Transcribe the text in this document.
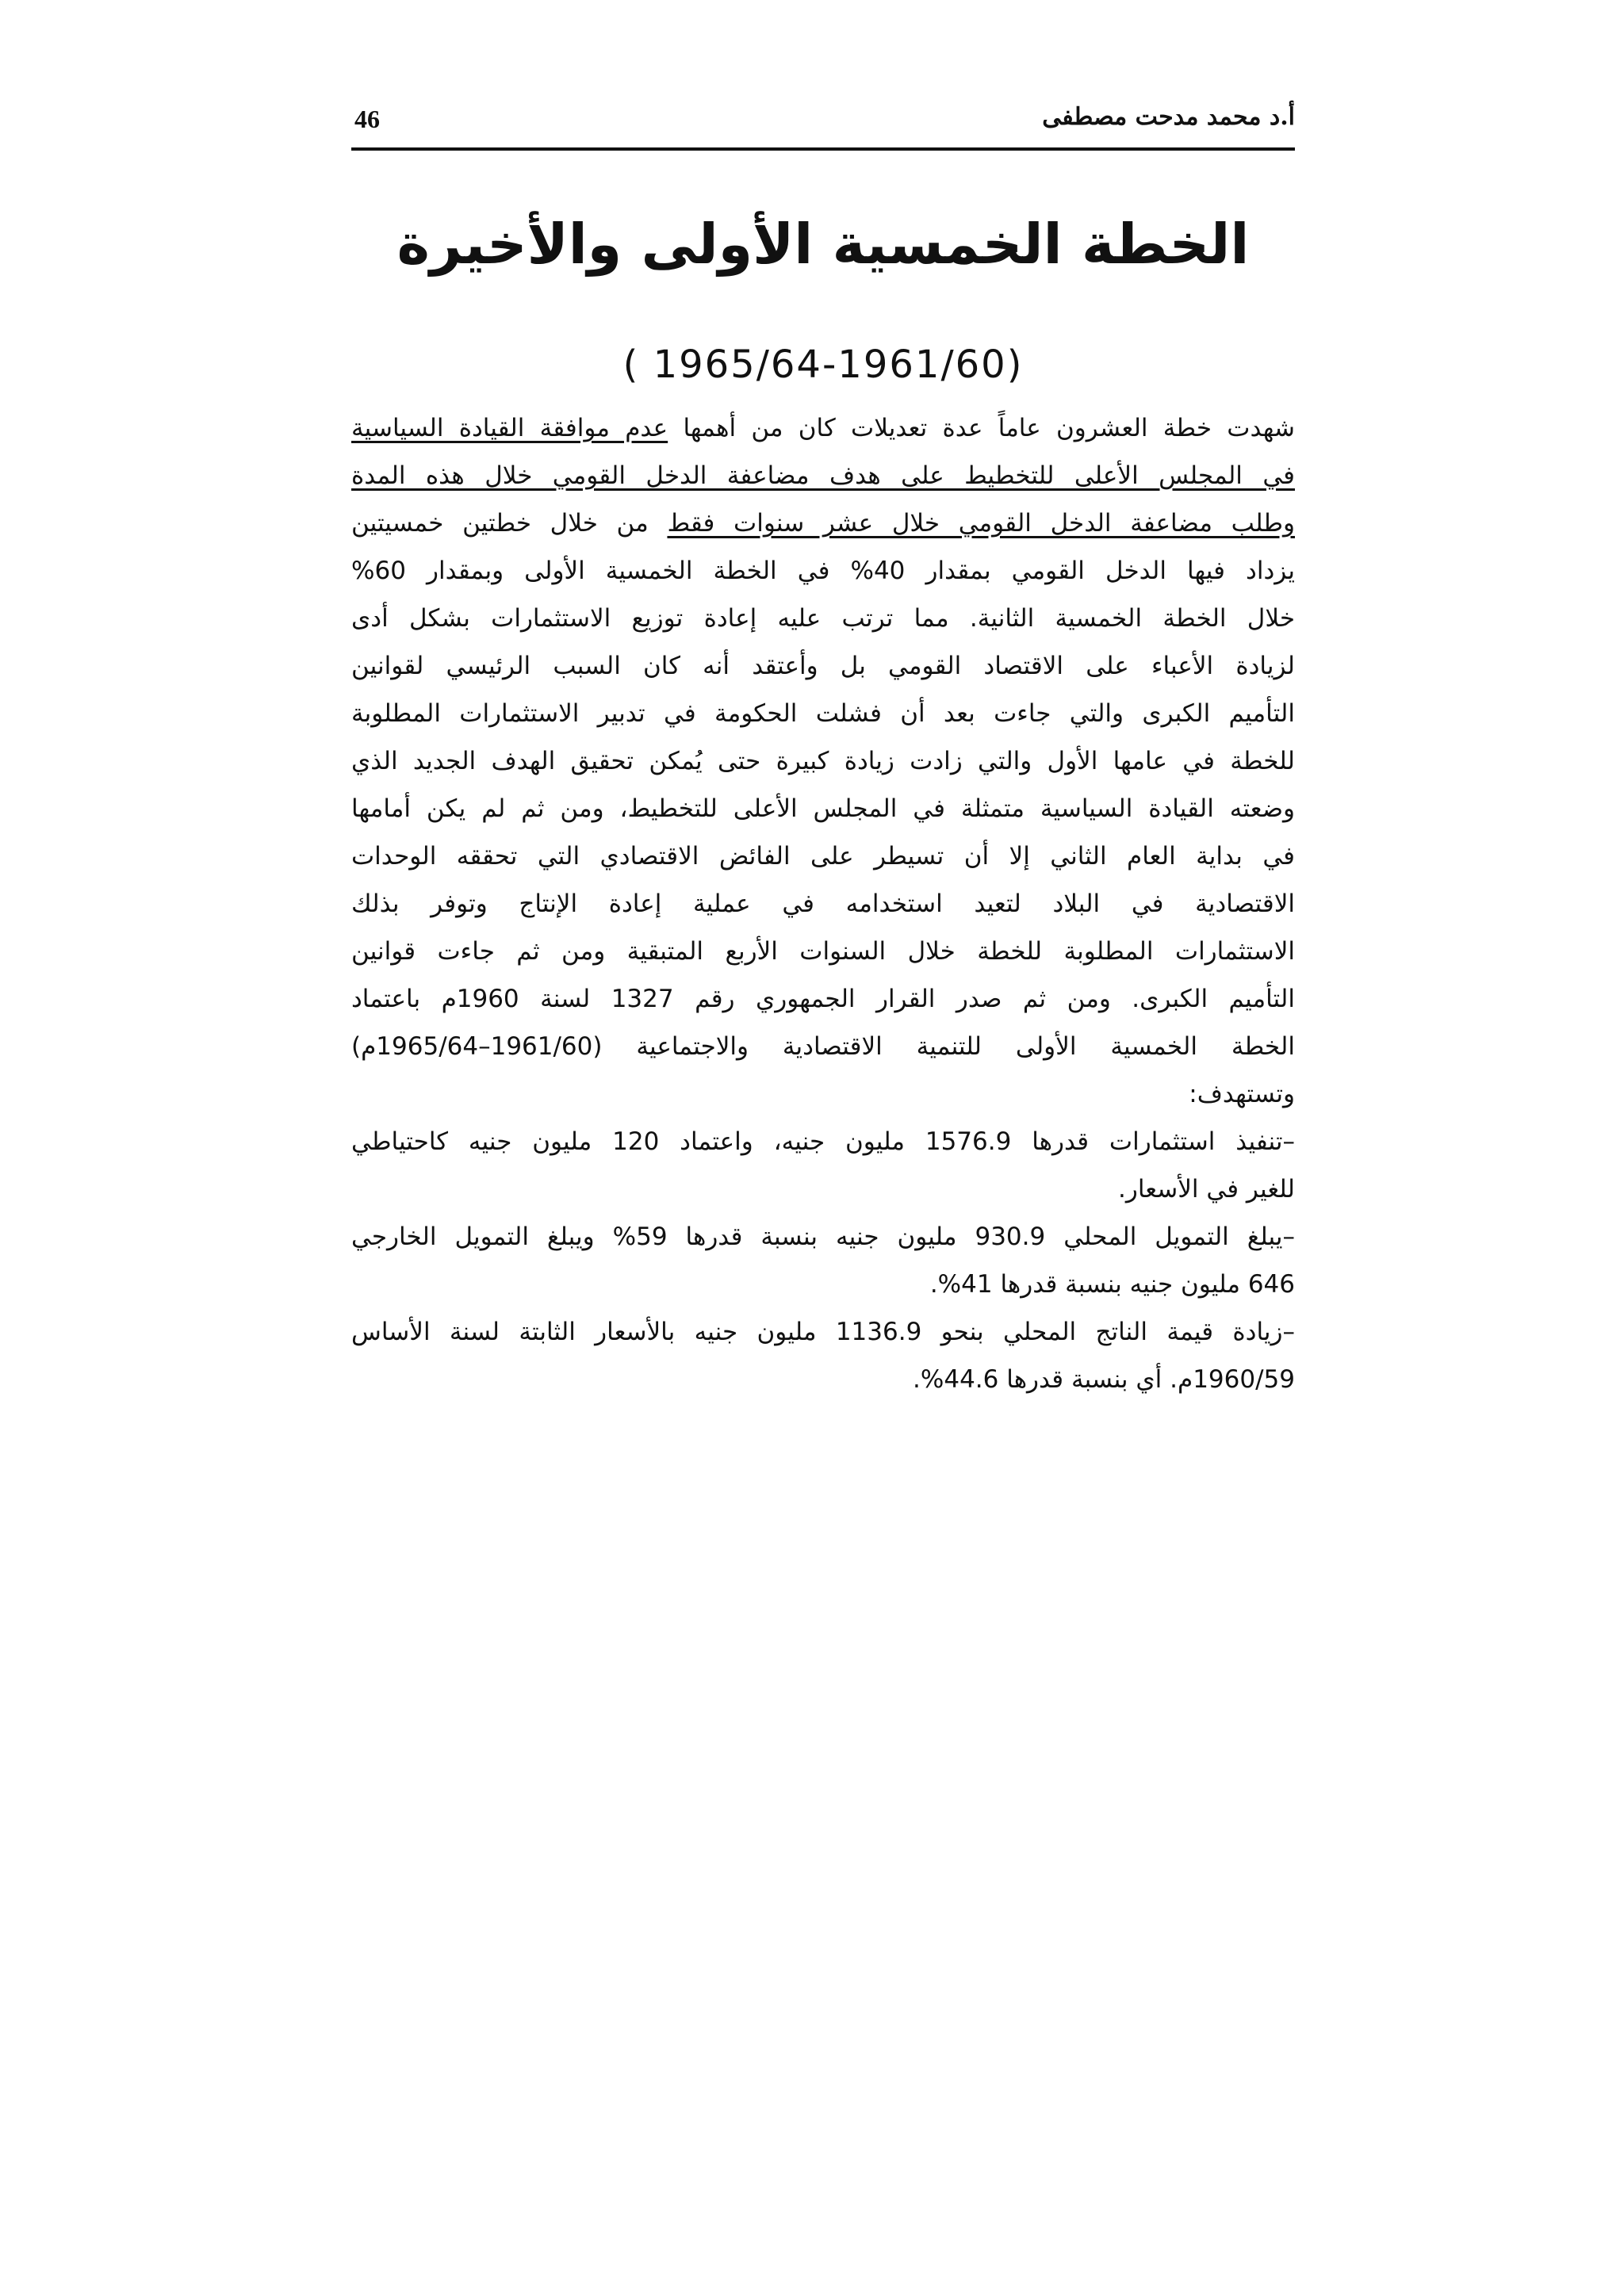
أ.د محمد مدحت مصطفى
46
الخطة الخمسية الأولى والأخيرة
( 1965/64-1961/60)
شهدت خطة العشرون عاماً عدة تعديلات كان من أهمها عدم موافقة القيادة السياسية
في المجلس الأعلى للتخطيط على هدف مضاعفة الدخل القومي خلال هذه المدة
وطلب مضاعفة الدخل القومي خلال عشر سنوات فقط من خلال خطتين خمسيتين
يزداد فيها الدخل القومي بمقدار 40% في الخطة الخمسية الأولى وبمقدار 60%
خلال الخطة الخمسية الثانية. مما ترتب عليه إعادة توزيع الاستثمارات بشكل أدى
لزيادة الأعباء على الاقتصاد القومي بل وأعتقد أنه كان السبب الرئيسي لقوانين
التأميم الكبرى والتي جاءت بعد أن فشلت الحكومة في تدبير الاستثمارات المطلوبة
للخطة في عامها الأول والتي زادت زيادة كبيرة حتى يُمكن تحقيق الهدف الجديد الذي
وضعته القيادة السياسية متمثلة في المجلس الأعلى للتخطيط، ومن ثم لم يكن أمامها
في بداية العام الثاني إلا أن تسيطر على الفائض الاقتصادي التي تحققه الوحدات
الاقتصادية في البلاد لتعيد استخدامه في عملية إعادة الإنتاج وتوفر بذلك
الاستثمارات المطلوبة للخطة خلال السنوات الأربع المتبقية ومن ثم جاءت قوانين
التأميم الكبرى. ومن ثم صدر القرار الجمهوري رقم 1327 لسنة 1960م باعتماد
الخطة الخمسية الأولى للتنمية الاقتصادية والاجتماعية (1961/60–1965/64م)
وتستهدف:
–تنفيذ استثمارات قدرها 1576.9 مليون جنيه، واعتماد 120 مليون جنيه كاحتياطي
للغير في الأسعار.
–يبلغ التمويل المحلي 930.9 مليون جنيه بنسبة قدرها 59% ويبلغ التمويل الخارجي
646 مليون جنيه بنسبة قدرها 41%.
–زيادة قيمة الناتج المحلي بنحو 1136.9 مليون جنيه بالأسعار الثابتة لسنة الأساس
1960/59م. أي بنسبة قدرها 44.6%.
